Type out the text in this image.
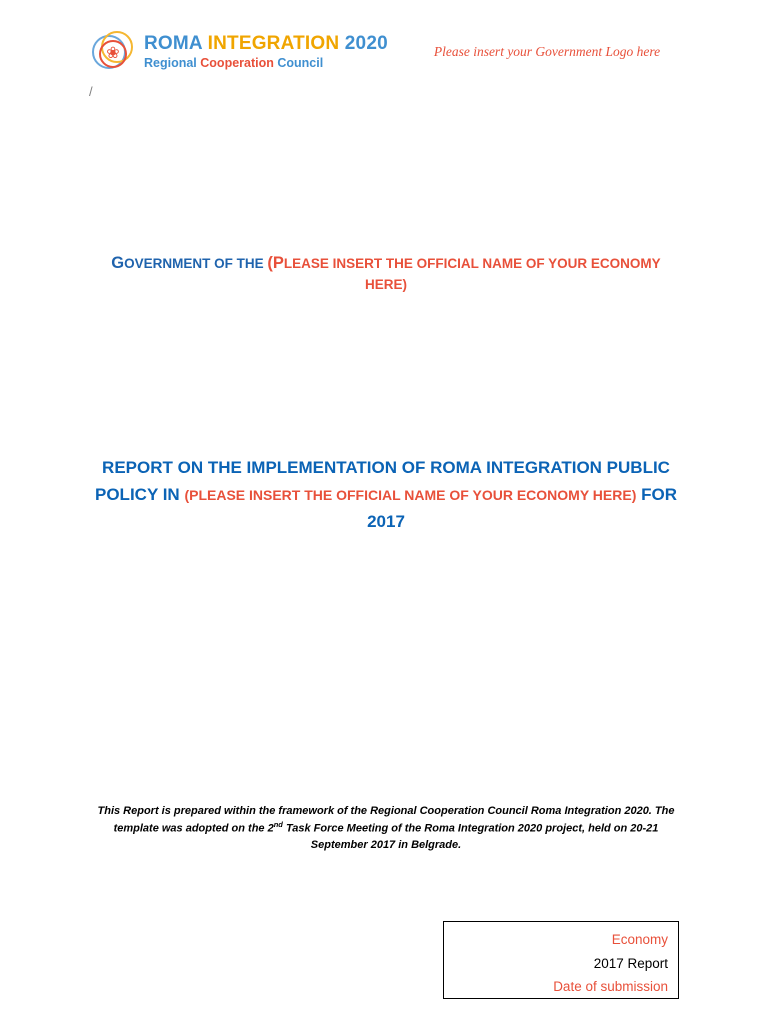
❀ ROMA INTEGRATION 2020
Regional Cooperation Council
Please insert your Government Logo here
/
GOVERNMENT OF THE (PLEASE INSERT THE OFFICIAL NAME OF YOUR ECONOMY HERE)
REPORT ON THE IMPLEMENTATION OF ROMA INTEGRATION PUBLIC POLICY IN (PLEASE INSERT THE OFFICIAL NAME OF YOUR ECONOMY HERE) FOR 2017
This Report is prepared within the framework of the Regional Cooperation Council Roma Integration 2020. The template was adopted on the 2nd Task Force Meeting of the Roma Integration 2020 project, held on 20-21 September 2017 in Belgrade.
Economy
2017 Report
Date of submission
